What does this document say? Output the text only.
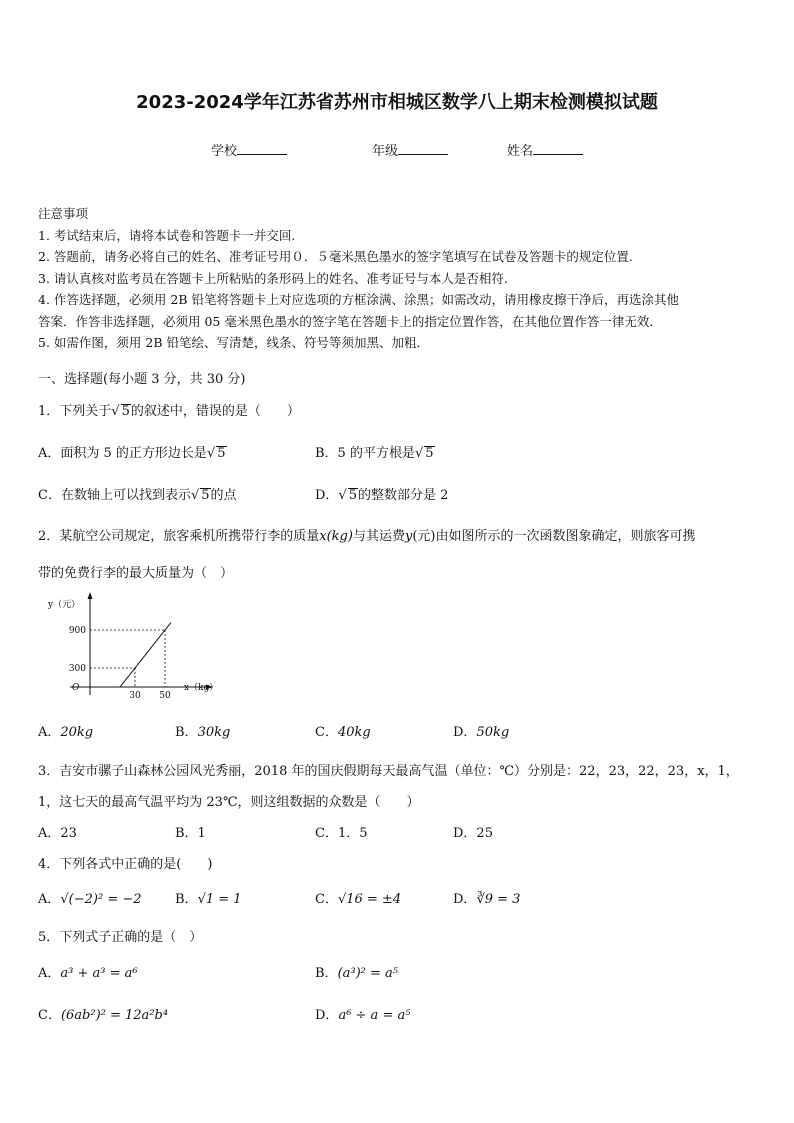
2023-2024学年江苏省苏州市相城区数学八上期末检测模拟试题
学校	年级	姓名
注意事项
1. 考试结束后，请将本试卷和答题卡一并交回.
2. 答题前，请务必将自己的姓名、准考证号用０．５毫米黑色墨水的签字笔填写在试卷及答题卡的规定位置.
3. 请认真核对监考员在答题卡上所粘贴的条形码上的姓名、准考证号与本人是否相符.
4. 作答选择题，必须用 2B 铅笔将答题卡上对应选项的方框涂满、涂黑；如需改动，请用橡皮擦干净后，再选涂其他
答案．作答非选择题，必须用 05 毫米黑色墨水的签字笔在答题卡上的指定位置作答，在其他位置作答一律无效．
5. 如需作图，须用 2B 铅笔绘、写清楚，线条、符号等须加黑、加粗．
一、选择题(每小题 3 分，共 30 分)
1．下列关于√ 5的叙述中，错误的是（　　）
A．面积为 5 的正方形边长是√ 5	B．5 的平方根是√ 5
C．在数轴上可以找到表示√ 5的点	D．√ 5的整数部分是 2
2．某航空公司规定，旅客乘机所携带行李的质量x(kg)与其运费y(元)由如图所示的一次函数图象确定，则旅客可携
带的免费行李的最大质量为（　）
y（元）
x（kg）
O
300
900
30 50
A．20kg	B．30kg	C．40kg	D．50kg
3．吉安市骡子山森林公园风光秀丽，2018 年的国庆假期每天最高气温（单位：℃）分别是：22，23，22，23，x，1，
1，这七天的最高气温平均为 23℃，则这组数据的众数是（　　）
A．23	B．1	C．1．5	D．25
4．下列各式中正确的是(　　)
A．√(−2)² = −2	B．√1 = 1	C．√16 = ±4	D．∛9 = 3
5．下列式子正确的是（　）
A．a³ + a³ = a⁶	B．(a³)² = a⁵
C．(6ab²)² = 12a²b⁴	D．a⁶ ÷ a = a⁵
